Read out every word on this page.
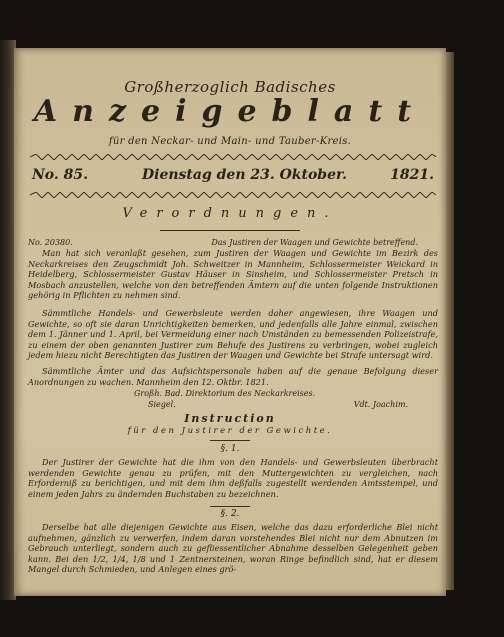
Großherzoglich Badisches
Anzeigeblatt
für den Neckar- und Main- und Tauber-Kreis.
No. 85.	Dienstag den 23. Oktober.	1821.
Verordnungen.
No. 20380.	Das Justiren der Waagen und Gewichte betreffend.
Man hat sich veranlaßt gesehen, zum Justiren der Waagen und Gewichte im Bezirk des Neckarkreises den Zeugschmidt Joh. Schweitzer in Mannheim, Schlossermeister Weickard in Heidelberg, Schlossermeister Gustav Häuser in Sinsheim, und Schlossermeister Pretsch in Mosbach anzustellen, welche von den betreffenden Ämtern auf die unten folgende Instruktionen gehörig in Pflichten zu nehmen sind.
Sämmtliche Handels- und Gewerbsleute werden daher angewiesen, ihre Waagen und Gewichte, so oft sie daran Unrichtigkeiten bemerken, und jedenfalls alle Jahre einmal, zwischen dem 1. Jänner und 1. April, bei Vermeidung einer nach Umständen zu bemessenden Polizeistrafe, zu einem der oben genannten Justirer zum Behufe des Justirens zu verbringen, wobei zugleich jedem hiezu nicht Berechtigten das Justiren der Waagen und Gewichte bei Strafe untersagt wird.
Sämmtliche Ämter und das Aufsichtspersonale haben auf die genaue Befolgung dieser Anordnungen zu wachen. Mannheim den 12. Oktbr. 1821.
Großh. Bad. Direktorium des Neckarkreises.
Siegel.	Vdt. Joachim.
Instruction
für den Justirer der Gewichte.
§. 1.
Der Justirer der Gewichte hat die ihm von den Handels- und Gewerbsleuten überbracht werdenden Gewichte genau zu prüfen, mit den Muttergewichten zu vergleichen, nach Erforderniß zu berichtigen, und mit dem ihm deßfalls zugestellt werdenden Amtsstempel, und einem jeden Jahrs zu ändernden Buchstaben zu bezeichnen.
§. 2.
Derselbe hat alle diejenigen Gewichte aus Eisen, welche das dazu erforderliche Blei nicht aufnehmen, gänzlich zu verwerfen, indem daran vorstehendes Blei nicht nur dem Abnutzen im Gebrauch unterliegt, sondern auch zu gefliessentlicher Abnahme desselben Gelegenheit geben kann. Bei den 1/2, 1/4, 1/8 und 1 Zentnersteinen, woran Ringe befindlich sind, hat er diesem Mangel durch Schmieden, und Anlegen eines grö-
